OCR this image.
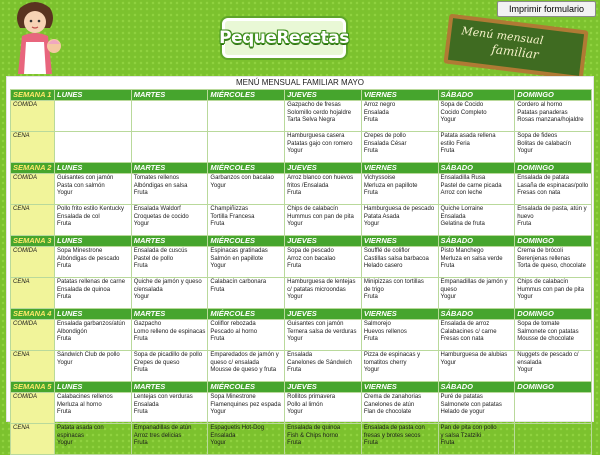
PequeRecetas
Imprimir formulario
Menú mensual
familiar
MENÚ MENSUAL FAMILIAR MAYO
SEMANA 1	LUNES	MARTES	MIÉRCOLES	JUEVES	VIERNES	SÁBADO	DOMINGO
COMIDA				Gazpacho de fresas
Solomillo cerdo hojaldre
Tarta Selva Negra	Arroz negro
Ensalada
Fruta	Sopa de Cocido
Cocido Completo
Yogur	Cordero al horno
Patatas panaderas
Rosas manzana/hojaldre

CENA				Hamburguesa casera
Patatas gajo con romero
Yogur	Crepes de pollo
Ensalada César
Fruta	Patata asada rellena
estilo Feria
Fruta	Sopa de fideos
Bolitas de calabacín
Yogur

SEMANA 2	LUNES	MARTES	MIÉRCOLES	JUEVES	VIERNES	SÁBADO	DOMINGO
COMIDA	Guisantes con jamón
Pasta con salmón
Yogur	Tomates rellenos
Albóndigas en salsa
Fruta	Garbanzos con bacalao
Yogur	Arroz blanco con huevos
fritos /Ensalada
Fruta	Vichyssoise
Merluza en papillote
Fruta	Ensaladilla Rusa
Pastel de carne picada
Arroz con leche	Ensalada de patata
Lasaña de espinacas/pollo
Fresas con nata

CENA	Pollo frito estilo Kentucky
Ensalada de col
Fruta	Ensalada Waldorf
Croquetas de cocido
Yogur	Champiñizzas
Tortilla Francesa
Fruta	Chips de calabacín
Hummus con pan de pita
Yogur	Hamburguesa de pescado
Patata Asada
Yogur	Quiche Lorraine
Ensalada
Gelatina de fruta	Ensalada de pasta, atún y
huevo
Fruta

SEMANA 3	LUNES	MARTES	MIÉRCOLES	JUEVES	VIERNES	SÁBADO	DOMINGO
COMIDA	Sopa Minestrone
Albóndigas de pescado
Fruta	Ensalada de cuscús
Pastel de pollo
Fruta	Espinacas gratinadas
Salmón en papillote
Yogur	Sopa de pescado
Arroz con bacalao
Fruta	Soufflé de coliflor
Castillas salsa barbacoa
Helado casero	Pisto Manchego
Merluza en salsa verde
Fruta	Crema de brócoli
Berenjenas rellenas
Torta de queso, chocolate

CENA	Patatas rellenas de carne
Ensalada de quinoa
Fruta	Quiche de jamón y queso
c/ensalada
Yogur	Calabacín carbonara
Fruta	Hamburguesa de lentejas
c/ patatas microondas
Yogur	Minipizzas con tortillas
de trigo
Fruta	Empanadillas de jamón y
queso
Yogur	Chips de calabacín
Hummus con pan de pita
Yogur

SEMANA 4	LUNES	MARTES	MIÉRCOLES	JUEVES	VIERNES	SÁBADO	DOMINGO
COMIDA	Ensalada garbanzos/atún
Albondigón
Fruta	Gazpacho
Lomo relleno de espinacas
Fruta	Coliflor rebozada
Pescado al horno
Fruta	Guisantes con jamón
Ternera salsa de verduras
Yogur	Salmorejo
Huevos rellenos
Fruta	Ensalada de arroz
Calabacines c/ carne
Fresas con nata	Sopa de tomate
Salmonete con patatas
Mousse de chocolate

CENA	Sándwich Club de pollo
Yogur	Sopa de picadillo de pollo
Crepes de queso
Fruta	Emparedados de jamón y
queso c/ ensalada
Mousse de queso y fruta	Ensalada
Canelones de Sándwich
Fruta	Pizza de espinacas y
tomatitos cherry
Yogur	Hamburguesa de alubias
Yogur	Nuggets de pescado c/
ensalada
Yogur

SEMANA 5	LUNES	MARTES	MIÉRCOLES	JUEVES	VIERNES	SÁBADO	DOMINGO
COMIDA	Calabacines rellenos
Merluza al horno
Fruta	Lentejas con verduras
Ensalada
Fruta	Sopa Minestrone
Flamenquines pez espada
Yogur	Rollitos primavera
Pollo al limón
Yogur	Crema de zanahorias
Canelones de atún
Flan de chocolate	Puré de patatas
Salmonete con patatas
Helado de yogur	

CENA	Patata asada con
espinacas
Yogur	Empanadillas de atún
Arroz tres delicias
Fruta	Espaguetis Hot-Dog
Ensalada
Yogur	Ensalada de quinoa
Fish & Chips horno
Fruta	Ensalada de pasta con
fresas y brotes secos
Fruta	Pan de pita con pollo
y salsa Tzatziki
Fruta	
